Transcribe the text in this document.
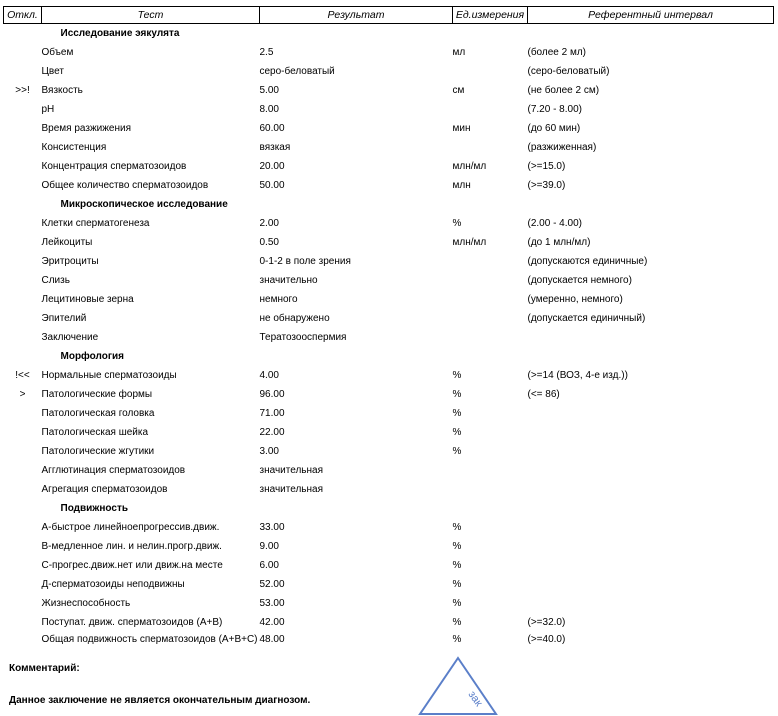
Откл.	Тест	Результат	Ед.измерения	Референтный интервал
Исследование эякулята				
	Объем	2.5	мл	(более 2 мл)
	Цвет	серо-беловатый		(серо-беловатый)
>>!	Вязкость	5.00	см	(не более 2 см)
	pH	8.00		(7.20 - 8.00)
	Время разжижения	60.00	мин	(до 60 мин)
	Консистенция	вязкая		(разжиженная)
	Концентрация сперматозоидов	20.00	млн/мл	(>=15.0)
	Общее количество сперматозоидов	50.00	млн	(>=39.0)
Микроскопическое исследование				
	Клетки сперматогенеза	2.00	%	(2.00 - 4.00)
	Лейкоциты	0.50	млн/мл	(до 1 млн/мл)
	Эритроциты	0-1-2 в поле зрения		(допускаются единичные)
	Слизь	значительно		(допускается немного)
	Лецитиновые зерна	немного		(умеренно, немного)
	Эпителий	не обнаружено		(допускается единичный)
	Заключение	Тератозооспермия		
Морфология				
!<<	Нормальные сперматозоиды	4.00	%	(>=14 (ВОЗ, 4-е изд.))
>	Патологические формы	96.00	%	(<= 86)
	Патологическая головка	71.00	%	
	Патологическая шейка	22.00	%	
	Патологические жгутики	3.00	%	
	Агглютинация сперматозоидов	значительная		
	Агрегация сперматозоидов	значительная		
Подвижность				
	А-быстрое линейноепрогрессив.движ.	33.00	%	
	В-медленное лин. и нелин.прогр.движ.	9.00	%	
	С-прогрес.движ.нет или движ.на месте	6.00	%	
	Д-сперматозоиды неподвижны	52.00	%	
	Жизнеспособность	53.00	%	
	Поступат. движ. сперматозоидов (А+В)	42.00	%	(>=32.0)
	Общая подвижность сперматозоидов (А+В+С)	48.00	%	(>=40.0)
Комментарий:
Данное заключение не является окончательным диагнозом.	зак
